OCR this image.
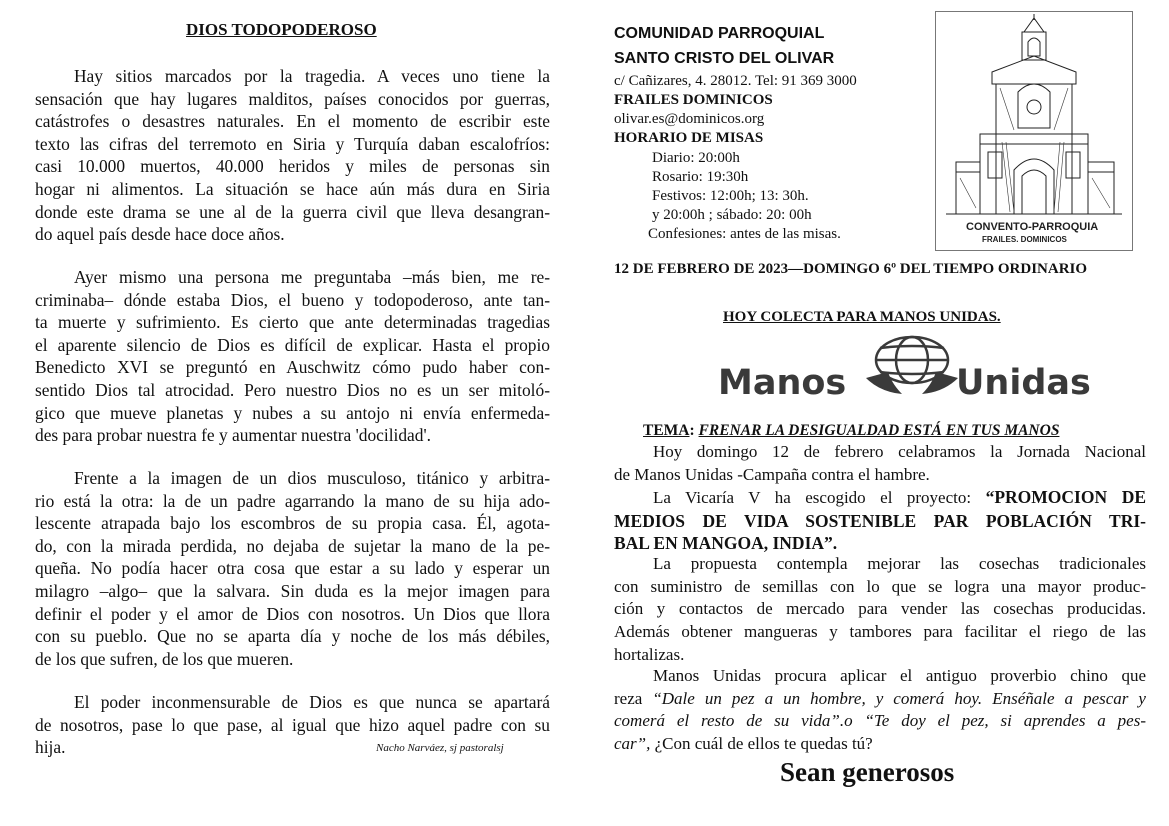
DIOS TODOPODEROSO

Hay sitios marcados por la tragedia. A veces uno tiene la
sensación que hay lugares malditos, países conocidos por guerras,
catástrofes o desastres naturales. En el momento de escribir este
texto las cifras del terremoto en Siria y Turquía daban escalofríos:
casi 10.000 muertos, 40.000 heridos y miles de personas sin
hogar ni alimentos. La situación se hace aún más dura en Siria
donde este drama se une al de la guerra civil que lleva desangran-
do aquel país desde hace doce años.

Ayer mismo una persona me preguntaba –más bien, me re-
criminaba– dónde estaba Dios, el bueno y todopoderoso, ante tan-
ta muerte y sufrimiento. Es cierto que ante determinadas tragedias
el aparente silencio de Dios es difícil de explicar. Hasta el propio
Benedicto XVI se preguntó en Auschwitz cómo pudo haber con-
sentido Dios tal atrocidad. Pero nuestro Dios no es un ser mitoló-
gico que mueve planetas y nubes a su antojo ni envía enfermeda-
des para probar nuestra fe y aumentar nuestra 'docilidad'.

Frente a la imagen de un dios musculoso, titánico y arbitra-
rio está la otra: la de un padre agarrando la mano de su hija ado-
lescente atrapada bajo los escombros de su propia casa. Él, agota-
do, con la mirada perdida, no dejaba de sujetar la mano de la pe-
queña. No podía hacer otra cosa que estar a su lado y esperar un
milagro –algo– que la salvara. Sin duda es la mejor imagen para
definir el poder y el amor de Dios con nosotros. Un Dios que llora
con su pueblo. Que no se aparta día y noche de los más débiles,
de los que sufren, de los que mueren.

El poder inconmensurable de Dios es que nunca se apartará
de nosotros, pase lo que pase, al igual que hizo aquel padre con su
hija.	Nacho Narváez, sj pastoralsj
COMUNIDAD PARROQUIAL
SANTO CRISTO DEL OLIVAR
c/ Cañizares, 4. 28012. Tel: 91 369 3000
FRAILES DOMINICOS
olivar.es@dominicos.org
HORARIO DE MISAS
Diario: 20:00h
Rosario: 19:30h
Festivos: 12:00h; 13: 30h.
y 20:00h ; sábado: 20: 00h
Confesiones: antes de las misas.	CONVENTO-PARROQUIA
FRAILES. DOMINICOS
12 DE FEBRERO DE 2023—DOMINGO 6º DEL TIEMPO ORDINARIO
HOY COLECTA PARA MANOS UNIDAS.
Manos	Unidas
TEMA: FRENAR LA DESIGUALDAD ESTÁ EN TUS MANOS

Hoy domingo 12 de febrero celabramos la Jornada Nacional
de Manos Unidas -Campaña contra el hambre.

La Vicaría V ha escogido el proyecto: “PROMOCION DE
MEDIOS DE VIDA SOSTENIBLE PAR POBLACIÓN TRI-
BAL EN MANGOA, INDIA”.

La propuesta contempla mejorar las cosechas tradicionales
con suministro de semillas con lo que se logra una mayor produc-
ción y contactos de mercado para vender las cosechas producidas.
Además obtener mangueras y tambores para facilitar el riego de las
hortalizas.

Manos Unidas procura aplicar el antiguo proverbio chino que
reza “Dale un pez a un hombre, y comerá hoy. Enséñale a pescar y
comerá el resto de su vida”.o “Te doy el pez, si aprendes a pes-
car”, ¿Con cuál de ellos te quedas tú?

Sean generosos
